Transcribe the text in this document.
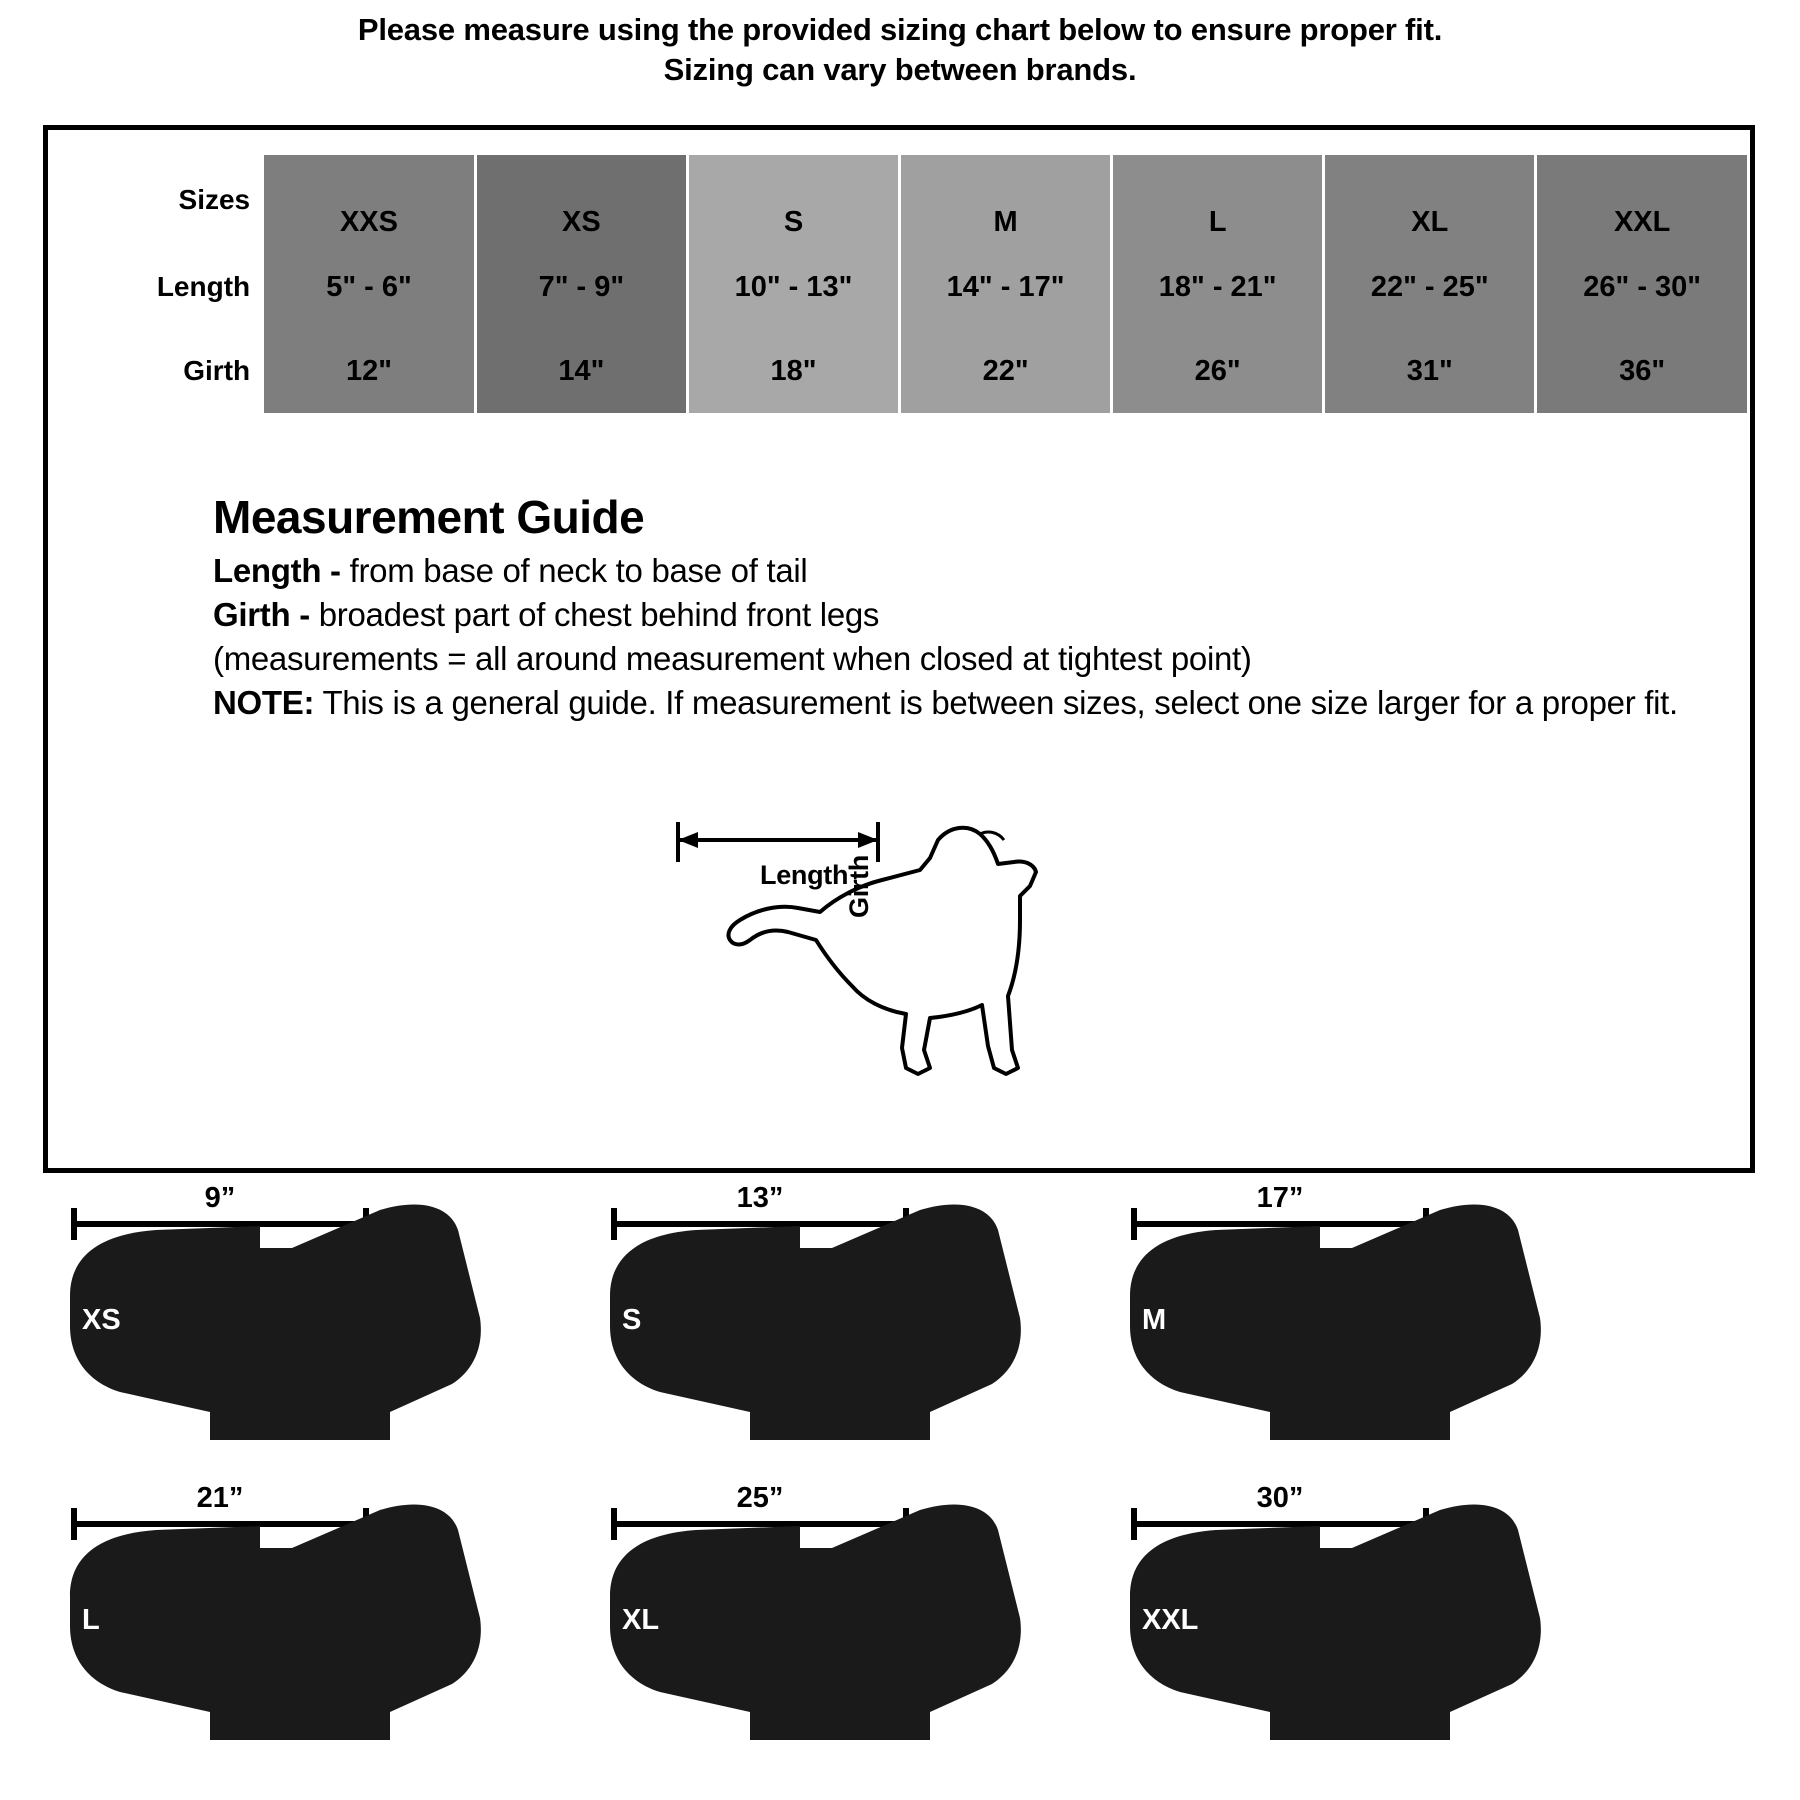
Please measure using the provided sizing chart below to ensure proper fit.
Sizing can vary between brands.
Sizes	XXS	XS	S	M	L	XL	XXL
Length	5" - 6"	7" - 9"	10" - 13"	14" - 17"	18" - 21"	22" - 25"	26" - 30"
Girth	12"	14"	18"	22"	26"	31"	36"
Measurement Guide

Length - from base of neck to base of tail

Girth - broadest part of chest behind front legs

(measurements = all around measurement when closed at tightest point)

NOTE: This is a general guide. If measurement is between sizes, select one size larger for a proper fit.

Length
Girth
9”
XS
13”
S
17”
M
21”
L
25”
XL
30”
XXL
